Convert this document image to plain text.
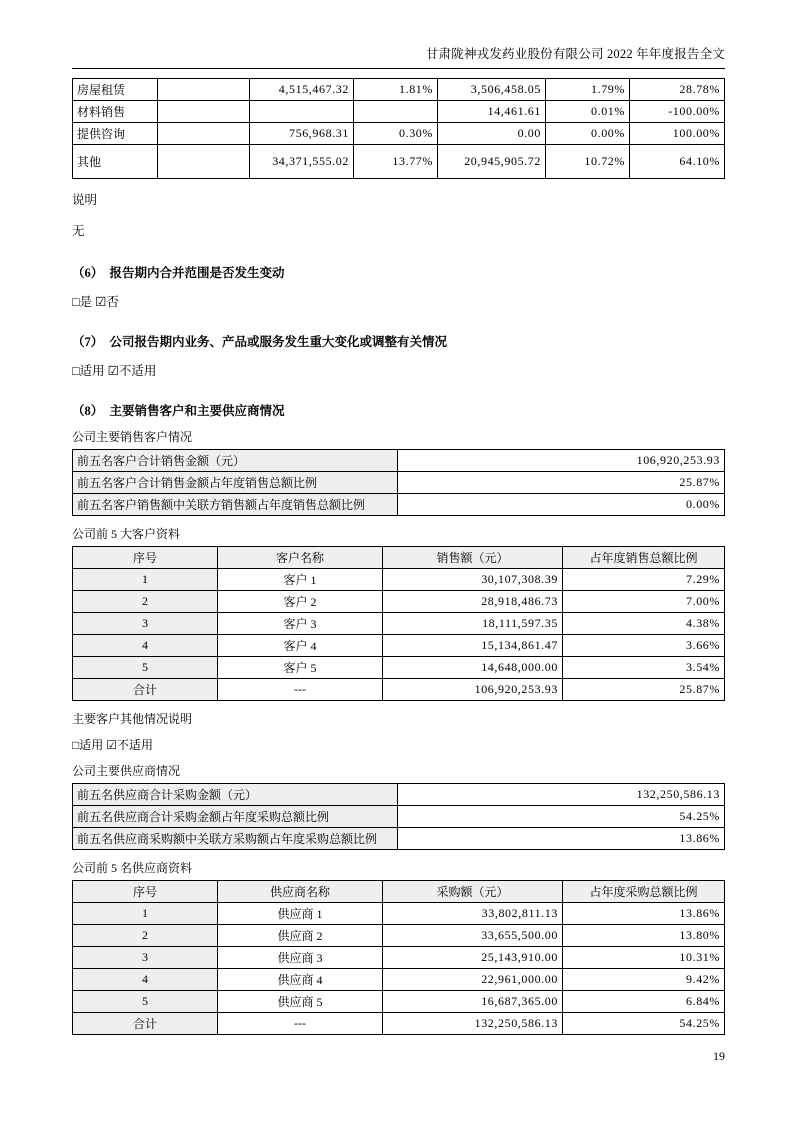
甘肃陇神戎发药业股份有限公司 2022 年年度报告全文
房屋租赁		4,515,467.32	1.81%	3,506,458.05	1.79%	28.78%
材料销售				14,461.61	0.01%	-100.00%
提供咨询		756,968.31	0.30%	0.00	0.00%	100.00%
其他		34,371,555.02	13.77%	20,945,905.72	10.72%	64.10%

说明

无

（6）　报告期内合并范围是否发生变动

□是 ☑否

（7）　公司报告期内业务、产品或服务发生重大变化或调整有关情况

□适用 ☑不适用

（8）　主要销售客户和主要供应商情况

公司主要销售客户情况

前五名客户合计销售金额（元）	106,920,253.93
前五名客户合计销售金额占年度销售总额比例	25.87%
前五名客户销售额中关联方销售额占年度销售总额比例	0.00%

公司前 5 大客户资料

序号	客户名称	销售额（元）	占年度销售总额比例
1	客户 1	30,107,308.39	7.29%
2	客户 2	28,918,486.73	7.00%
3	客户 3	18,111,597.35	4.38%
4	客户 4	15,134,861.47	3.66%
5	客户 5	14,648,000.00	3.54%
合计	---	106,920,253.93	25.87%

主要客户其他情况说明

□适用 ☑不适用

公司主要供应商情况

前五名供应商合计采购金额（元）	132,250,586.13
前五名供应商合计采购金额占年度采购总额比例	54.25%
前五名供应商采购额中关联方采购额占年度采购总额比例	13.86%

公司前 5 名供应商资料

序号	供应商名称	采购额（元）	占年度采购总额比例
1	供应商 1	33,802,811.13	13.86%
2	供应商 2	33,655,500.00	13.80%
3	供应商 3	25,143,910.00	10.31%
4	供应商 4	22,961,000.00	9.42%
5	供应商 5	16,687,365.00	6.84%
合计	---	132,250,586.13	54.25%
19
